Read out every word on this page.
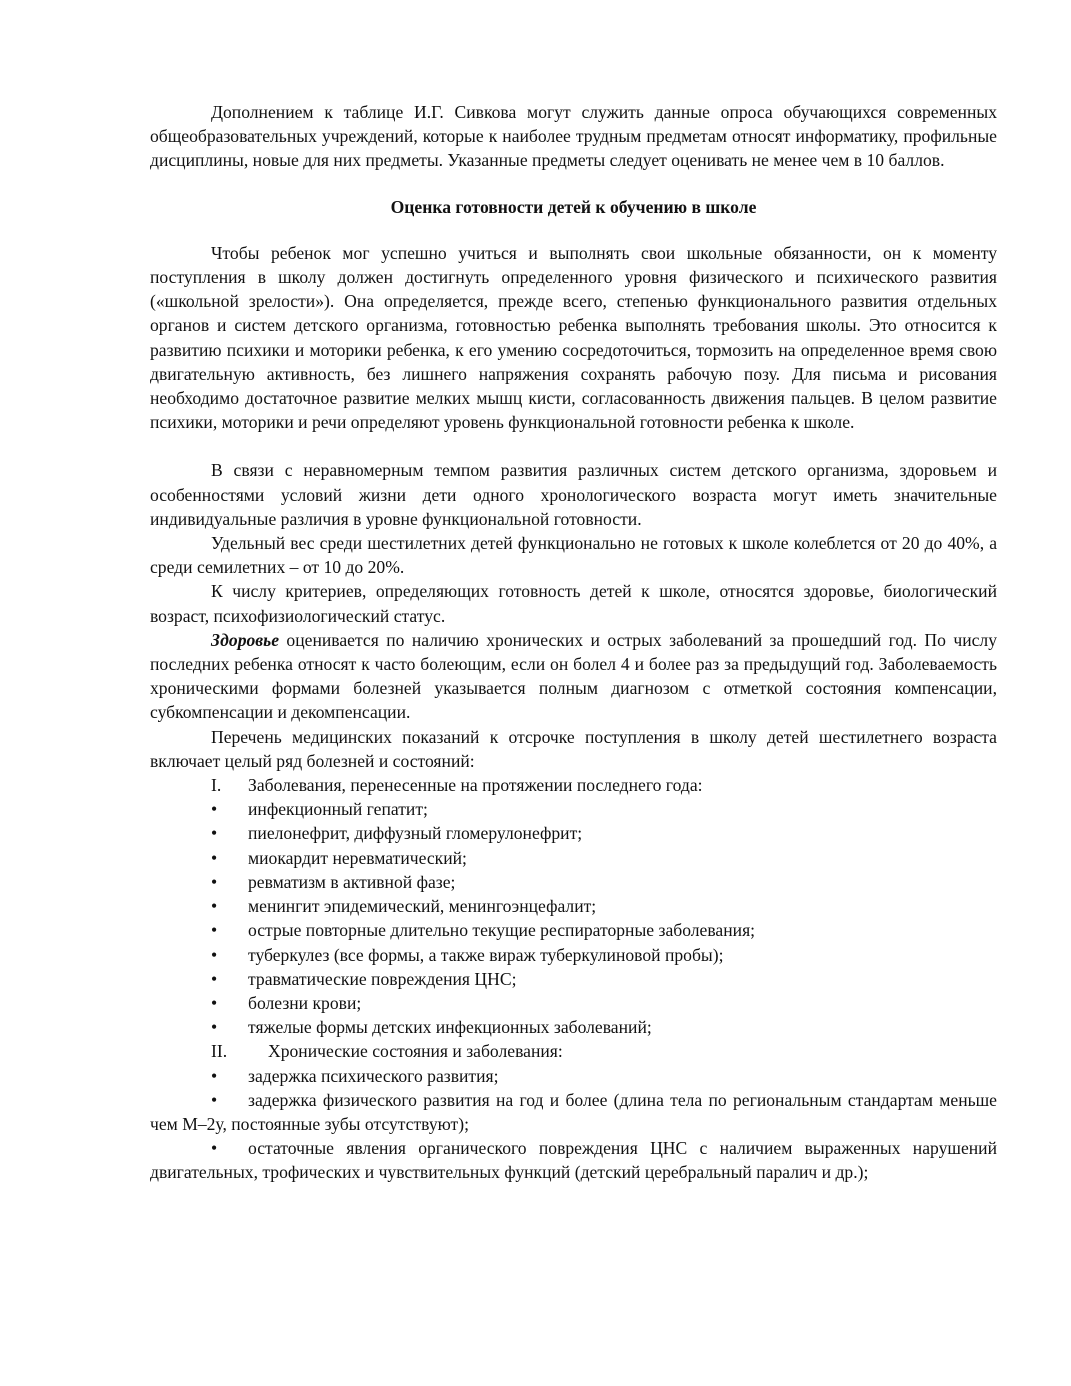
Дополнением к таблице И.Г. Сивкова могут служить данные опроса обучающихся современных общеобразовательных учреждений, которые к наиболее трудным предметам относят информатику, профильные дисциплины, новые для них предметы. Указанные предметы следует оценивать не менее чем в 10 баллов.

Оценка готовности детей к обучению в школе

Чтобы ребенок мог успешно учиться и выполнять свои школьные обязанности, он к моменту поступления в школу должен достигнуть определенного уровня физического и психического развития («школьной зрелости»). Она определяется, прежде всего, степенью функционального развития отдельных органов и систем детского организма, готовностью ребенка выполнять требования школы. Это относится к развитию психики и моторики ребенка, к его умению сосредоточиться, тормозить на определенное время свою двигательную активность, без лишнего напряжения сохранять рабочую позу. Для письма и рисования необходимо достаточное развитие мелких мышц кисти, согласованность движения пальцев. В целом развитие психики, моторики и речи определяют уровень функциональной готовности ребенка к школе.

В связи с неравномерным темпом развития различных систем детского организма, здоровьем и особенностями условий жизни дети одного хронологического возраста могут иметь значительные индивидуальные различия в уровне функциональной готовности.

Удельный вес среди шестилетних детей функционально не готовых к школе колеблется от 20 до 40%, а среди семилетних – от 10 до 20%.

К числу критериев, определяющих готовность детей к школе, относятся здоровье, биологический возраст, психофизиологический статус.

Здоровье оценивается по наличию хронических и острых заболеваний за прошедший год. По числу последних ребенка относят к часто болеющим, если он болел 4 и более раз за предыдущий год. Заболеваемость хроническими формами болезней указывается полным диагнозом с отметкой состояния компенсации, субкомпенсации и декомпенсации.

Перечень медицинских показаний к отсрочке поступления в школу детей шестилетнего возраста включает целый ряд болезней и состояний:

I. Заболевания, перенесенные на протяжении последнего года:
• инфекционный гепатит;
• пиелонефрит, диффузный гломерулонефрит;
• миокардит неревматический;
• ревматизм в активной фазе;
• менингит эпидемический, менингоэнцефалит;
• острые повторные длительно текущие респираторные заболевания;
• туберкулез (все формы, а также вираж туберкулиновой пробы);
• травматические повреждения ЦНС;
• болезни крови;
• тяжелые формы детских инфекционных заболеваний;
II. Хронические состояния и заболевания:
• задержка психического развития;

• задержка физического развития на год и более (длина тела по региональным стандартам меньше чем М–2у, постоянные зубы отсутствуют);

• остаточные явления органического повреждения ЦНС с наличием выраженных нарушений двигательных, трофических и чувствительных функций (детский церебральный паралич и др.);
